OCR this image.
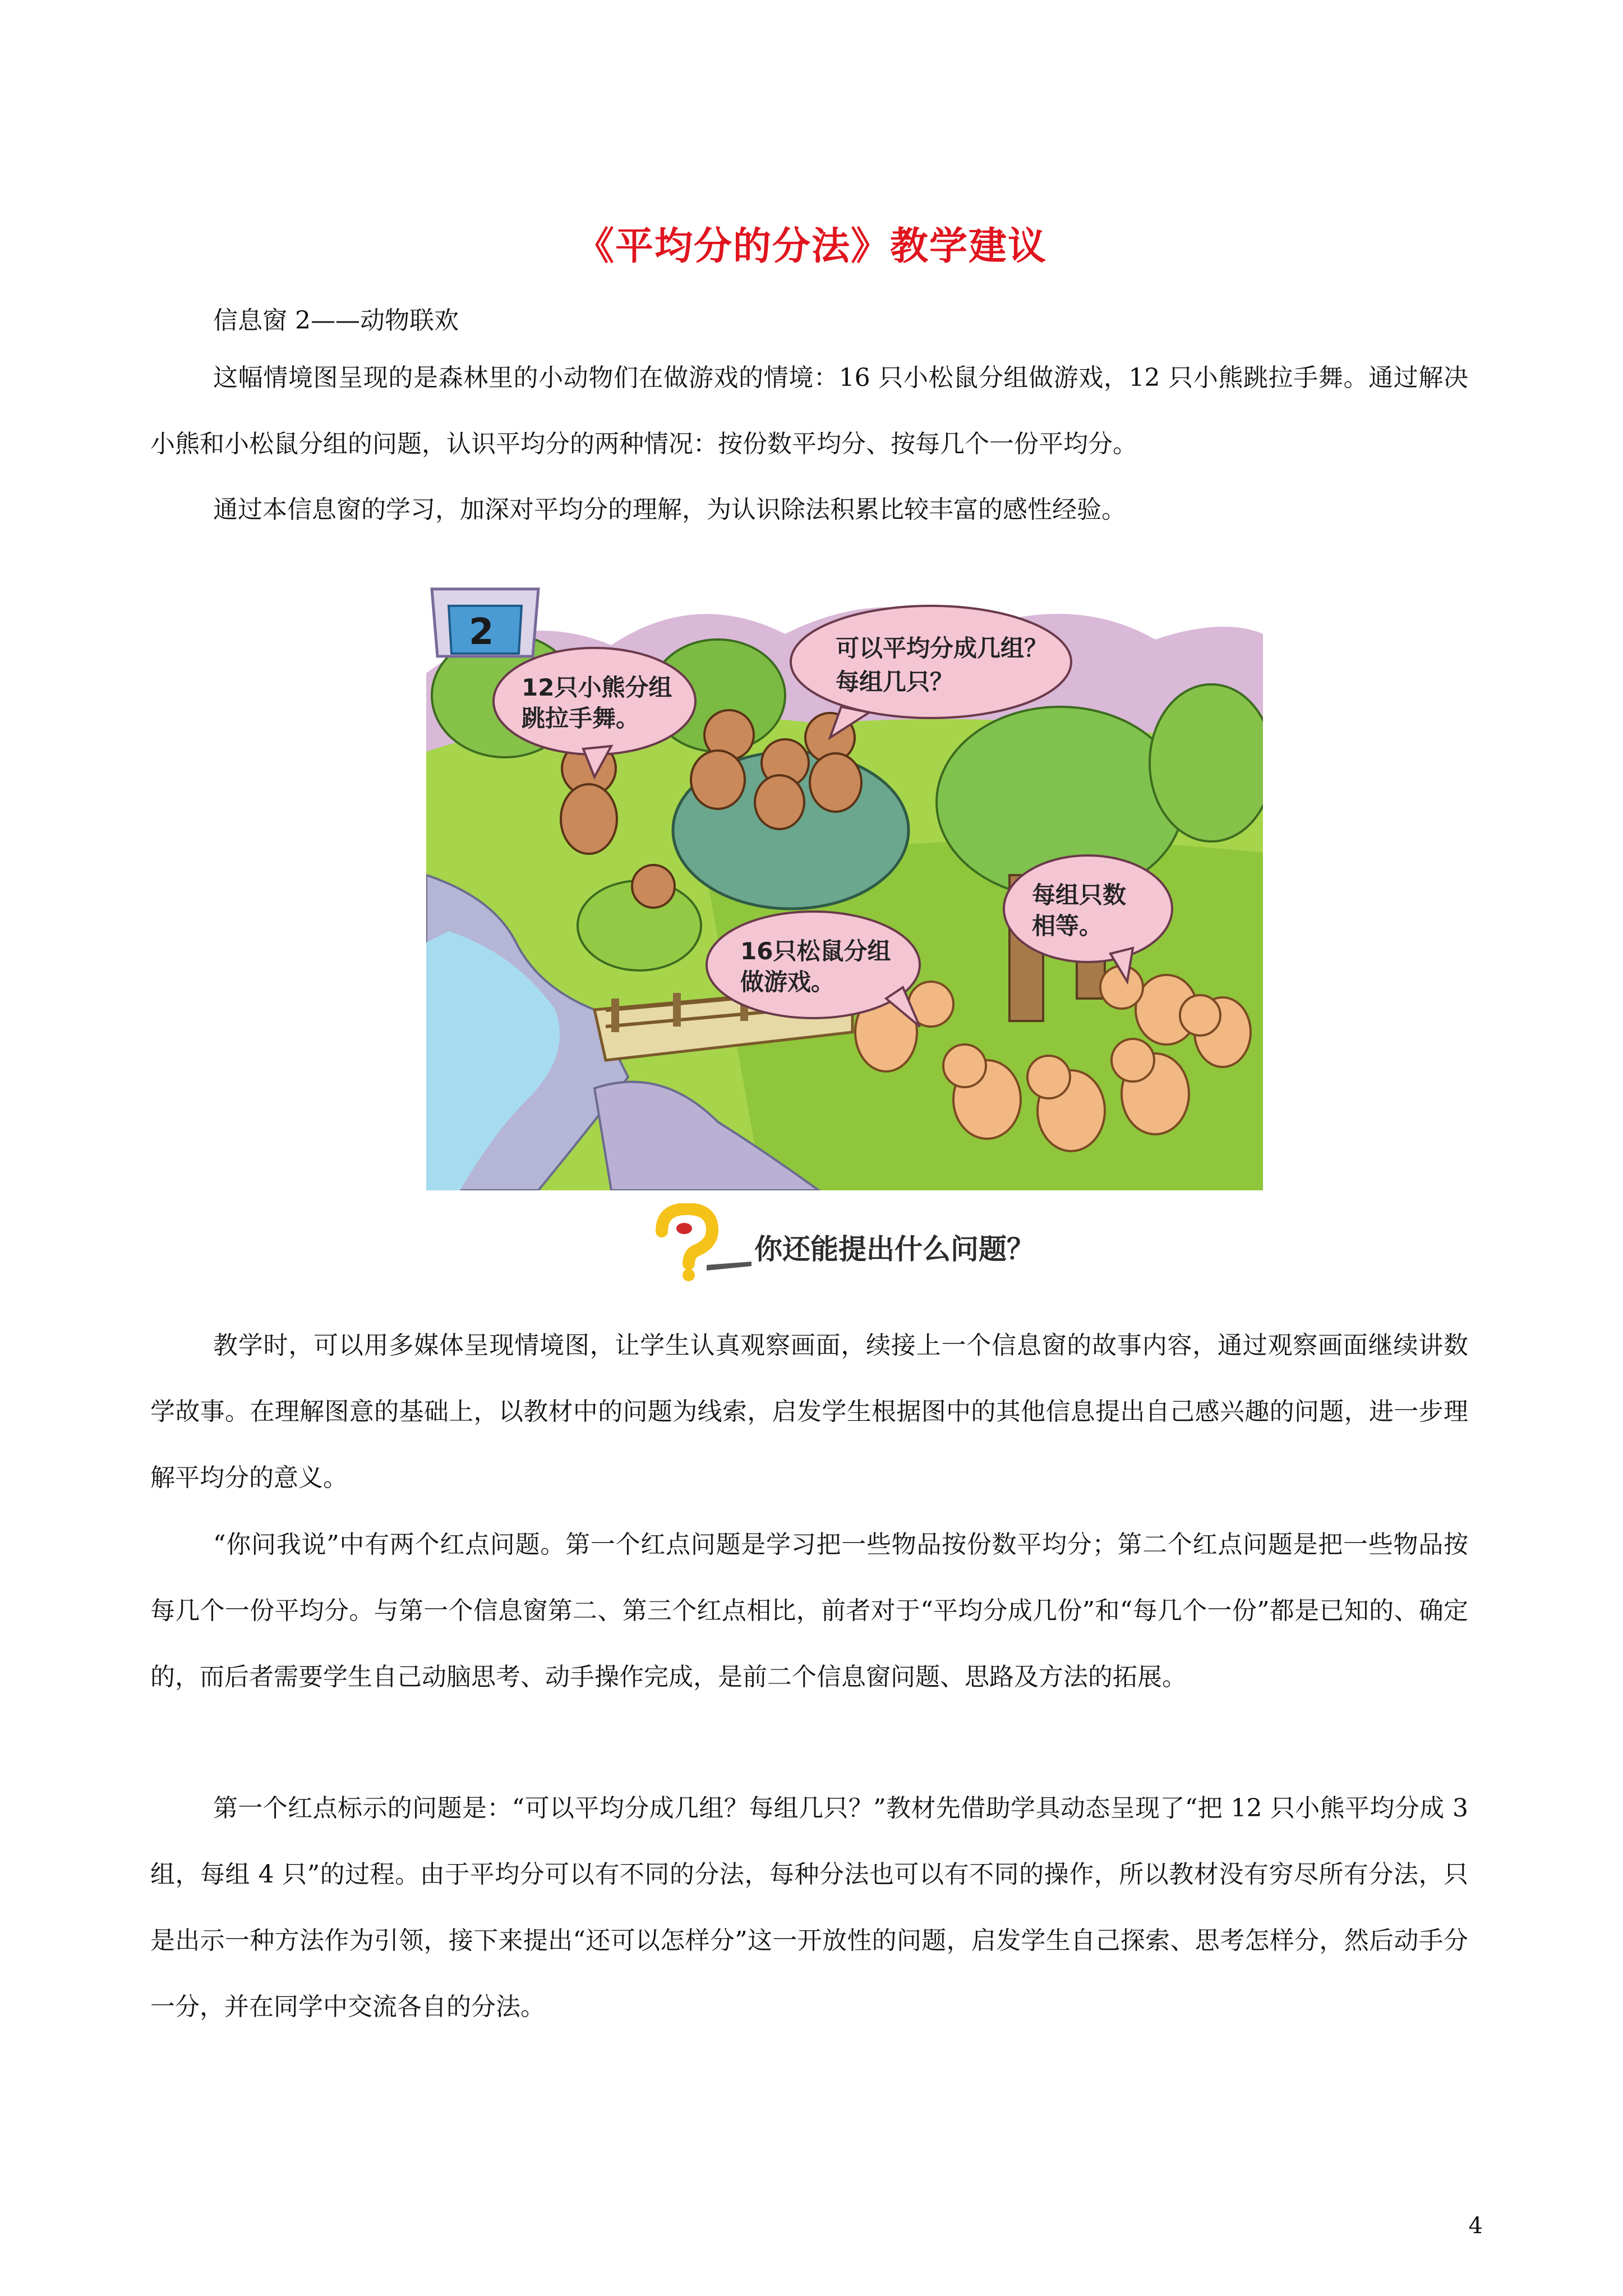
《平均分的分法》教学建议
信息窗 2——动物联欢

这幅情境图呈现的是森林里的小动物们在做游戏的情境：16 只小松鼠分组做游戏，12 只小熊跳拉手舞。通过解决小熊和小松鼠分组的问题，认识平均分的两种情况：按份数平均分、按每几个一份平均分。

通过本信息窗的学习，加深对平均分的理解，为认识除法积累比较丰富的感性经验。

2
12只小熊分组
跳拉手舞。
可以平均分成几组？
每组几只？
每组只数
相等。
16只松鼠分组
做游戏。
你还能提出什么问题？

教学时，可以用多媒体呈现情境图，让学生认真观察画面，续接上一个信息窗的故事内容，通过观察画面继续讲数学故事。在理解图意的基础上，以教材中的问题为线索，启发学生根据图中的其他信息提出自己感兴趣的问题，进一步理解平均分的意义。

“你问我说”中有两个红点问题。第一个红点问题是学习把一些物品按份数平均分；第二个红点问题是把一些物品按每几个一份平均分。与第一个信息窗第二、第三个红点相比，前者对于“平均分成几份”和“每几个一份”都是已知的、确定的，而后者需要学生自己动脑思考、动手操作完成，是前二个信息窗问题、思路及方法的拓展。

第一个红点标示的问题是：“可以平均分成几组？每组几只？”教材先借助学具动态呈现了“把 12 只小熊平均分成 3 组，每组 4 只”的过程。由于平均分可以有不同的分法，每种分法也可以有不同的操作，所以教材没有穷尽所有分法，只是出示一种方法作为引领，接下来提出“还可以怎样分”这一开放性的问题，启发学生自己探索、思考怎样分，然后动手分一分，并在同学中交流各自的分法。

4
